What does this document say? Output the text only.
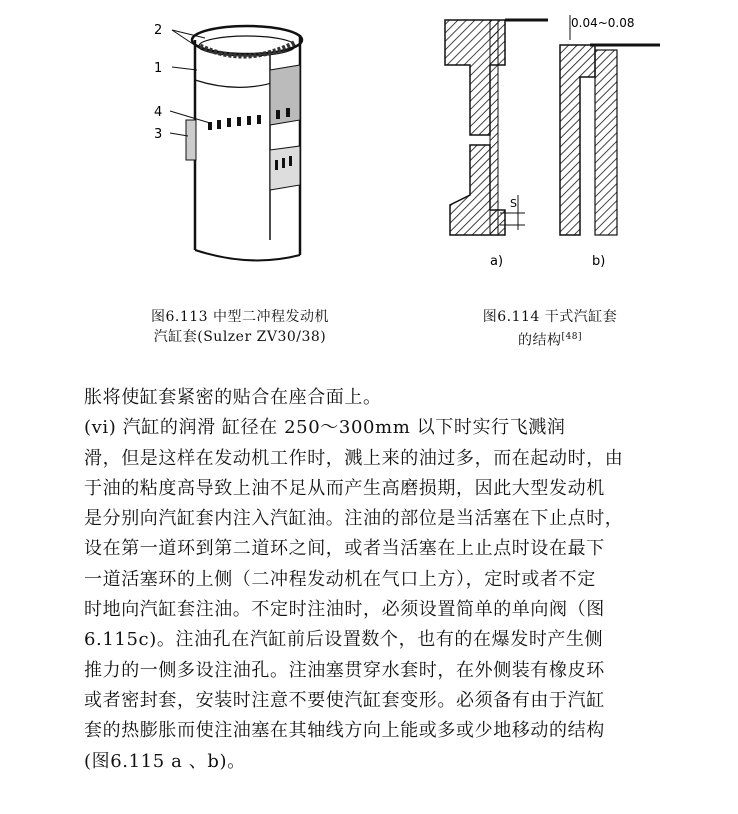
2
1
4
3
图6.113 中型二冲程发动机
汽缸套(Sulzer ZV30/38)
S
0.04~0.08
a)	b)
图6.114 干式汽缸套
的结构[48]
胀将使缸套紧密的贴合在座合面上。
(vi) 汽缸的润滑 缸径在 250～300mm 以下时实行飞溅润
滑，但是这样在发动机工作时，溅上来的油过多，而在起动时，由
于油的粘度高导致上油不足从而产生高磨损期，因此大型发动机
是分别向汽缸套内注入汽缸油。注油的部位是当活塞在下止点时，
设在第一道环到第二道环之间，或者当活塞在上止点时设在最下
一道活塞环的上侧（二冲程发动机在气口上方），定时或者不定
时地向汽缸套注油。不定时注油时，必须设置简单的单向阀（图
6.115c)。注油孔在汽缸前后设置数个，也有的在爆发时产生侧
推力的一侧多设注油孔。注油塞贯穿水套时，在外侧装有橡皮环
或者密封套，安装时注意不要使汽缸套变形。必须备有由于汽缸
套的热膨胀而使注油塞在其轴线方向上能或多或少地移动的结构
(图6.115 a 、b)。
